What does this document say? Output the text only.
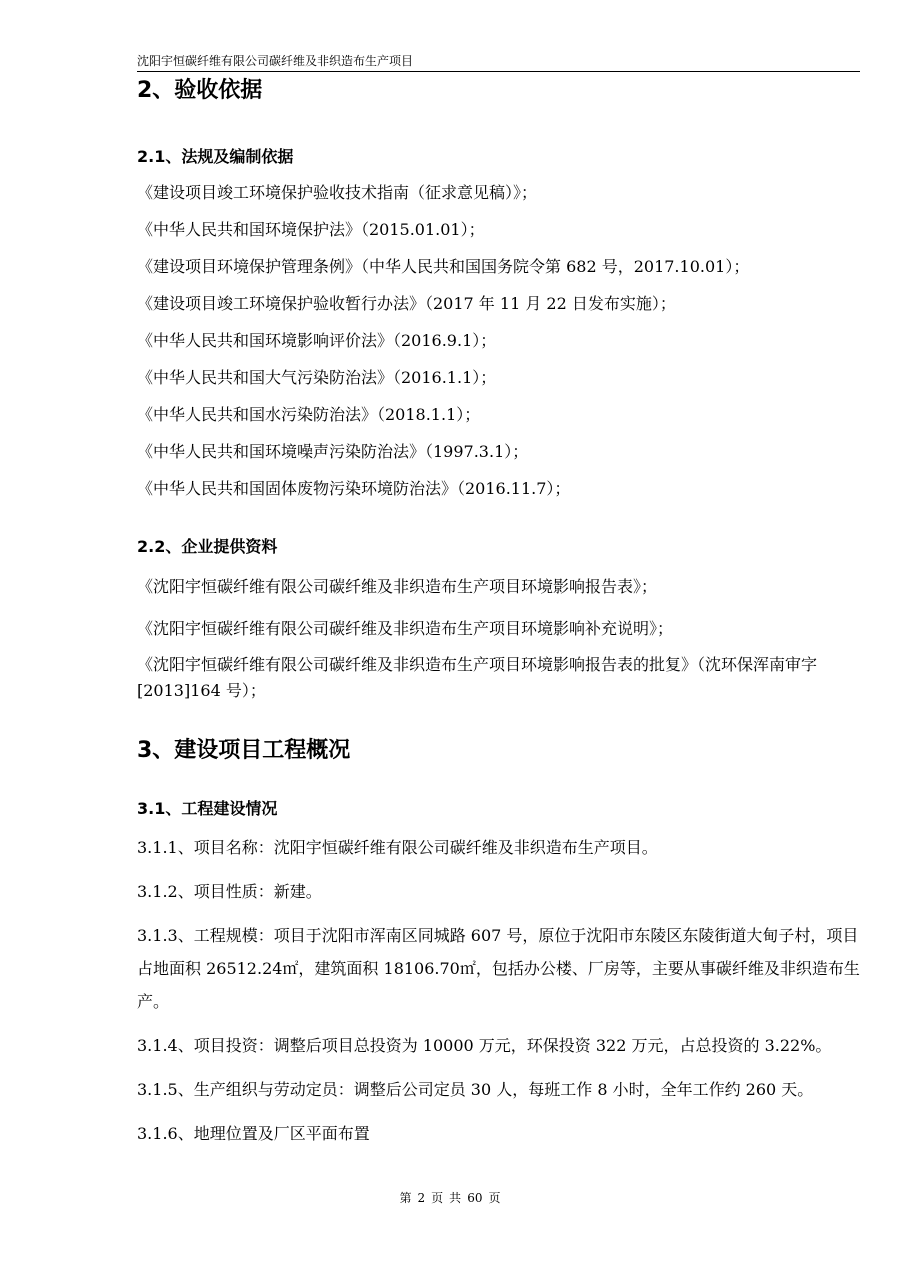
沈阳宇恒碳纤维有限公司碳纤维及非织造布生产项目
2、验收依据
2.1、法规及编制依据

《建设项目竣工环境保护验收技术指南（征求意见稿）》；

《中华人民共和国环境保护法》（2015.01.01）；

《建设项目环境保护管理条例》（中华人民共和国国务院令第 682 号，2017.10.01）；

《建设项目竣工环境保护验收暂行办法》（2017 年 11 月 22 日发布实施）；

《中华人民共和国环境影响评价法》（2016.9.1）；

《中华人民共和国大气污染防治法》（2016.1.1）；

《中华人民共和国水污染防治法》（2018.1.1）；

《中华人民共和国环境噪声污染防治法》（1997.3.1）；

《中华人民共和国固体废物污染环境防治法》（2016.11.7）；

2.2、企业提供资料

《沈阳宇恒碳纤维有限公司碳纤维及非织造布生产项目环境影响报告表》；

《沈阳宇恒碳纤维有限公司碳纤维及非织造布生产项目环境影响补充说明》；

《沈阳宇恒碳纤维有限公司碳纤维及非织造布生产项目环境影响报告表的批复》（沈环保浑南审字[2013]164 号）；

3、建设项目工程概况
3.1、工程建设情况

3.1.1、项目名称：沈阳宇恒碳纤维有限公司碳纤维及非织造布生产项目。

3.1.2、项目性质：新建。

3.1.3、工程规模：项目于沈阳市浑南区同城路 607 号，原位于沈阳市东陵区东陵街道大甸子村，项目占地面积 26512.24㎡，建筑面积 18106.70㎡，包括办公楼、厂房等，主要从事碳纤维及非织造布生产。

3.1.4、项目投资：调整后项目总投资为 10000 万元，环保投资 322 万元，占总投资的 3.22%。

3.1.5、生产组织与劳动定员：调整后公司定员 30 人，每班工作 8 小时，全年工作约 260 天。

3.1.6、地理位置及厂区平面布置

第 2 页 共 60 页
